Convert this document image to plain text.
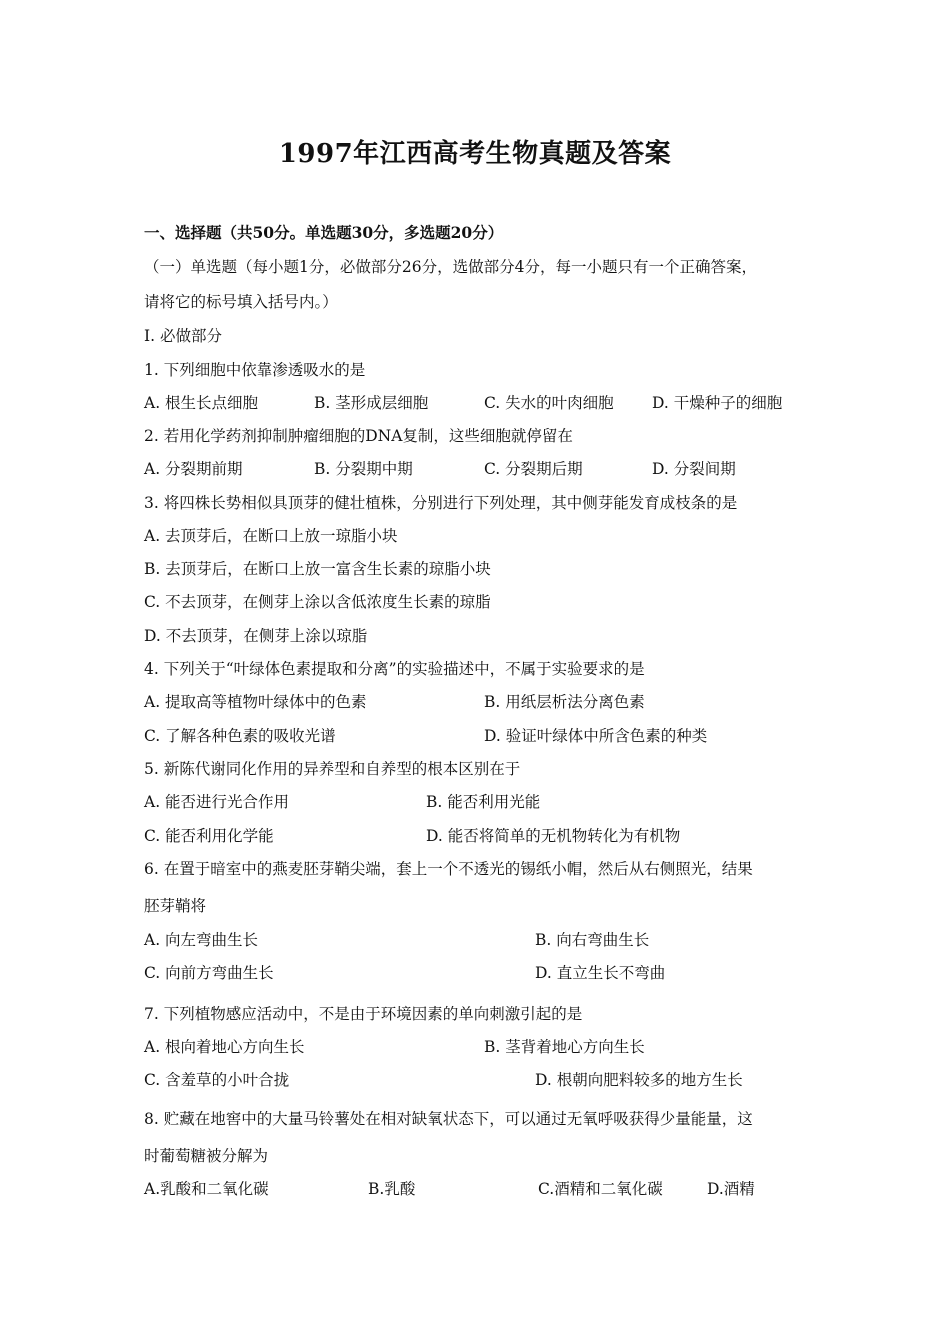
1997年江西高考生物真题及答案
一、选择题（共50分。单选题30分，多选题20分）
（一）单选题（每小题1分，必做部分26分，选做部分4分，每一小题只有一个正确答案，
请将它的标号填入括号内。）
I. 必做部分
1. 下列细胞中依靠渗透吸水的是
A. 根生长点细胞	B. 茎形成层细胞	C. 失水的叶肉细胞 D. 干燥种子的细胞
2. 若用化学药剂抑制肿瘤细胞的DNA复制，这些细胞就停留在
A. 分裂期前期	B. 分裂期中期	C. 分裂期后期	D. 分裂间期
3. 将四株长势相似具顶芽的健壮植株，分别进行下列处理，其中侧芽能发育成枝条的是
A. 去顶芽后，在断口上放一琼脂小块
B. 去顶芽后，在断口上放一富含生长素的琼脂小块
C. 不去顶芽，在侧芽上涂以含低浓度生长素的琼脂
D. 不去顶芽，在侧芽上涂以琼脂
4. 下列关于“叶绿体色素提取和分离”的实验描述中，不属于实验要求的是
A. 提取高等植物叶绿体中的色素	B. 用纸层析法分离色素
C. 了解各种色素的吸收光谱	D. 验证叶绿体中所含色素的种类
5. 新陈代谢同化作用的异养型和自养型的根本区别在于
A. 能否进行光合作用	B. 能否利用光能
C. 能否利用化学能	D. 能否将简单的无机物转化为有机物
6. 在置于暗室中的燕麦胚芽鞘尖端，套上一个不透光的锡纸小帽，然后从右侧照光，结果
胚芽鞘将
A. 向左弯曲生长	B. 向右弯曲生长
C. 向前方弯曲生长	D. 直立生长不弯曲
7. 下列植物感应活动中，不是由于环境因素的单向刺激引起的是
A. 根向着地心方向生长	B. 茎背着地心方向生长
C. 含羞草的小叶合拢	D. 根朝向肥料较多的地方生长
8. 贮藏在地窖中的大量马铃薯处在相对缺氧状态下，可以通过无氧呼吸获得少量能量，这
时葡萄糖被分解为
A.乳酸和二氧化碳	B.乳酸	C.酒精和二氧化碳	D.酒精
